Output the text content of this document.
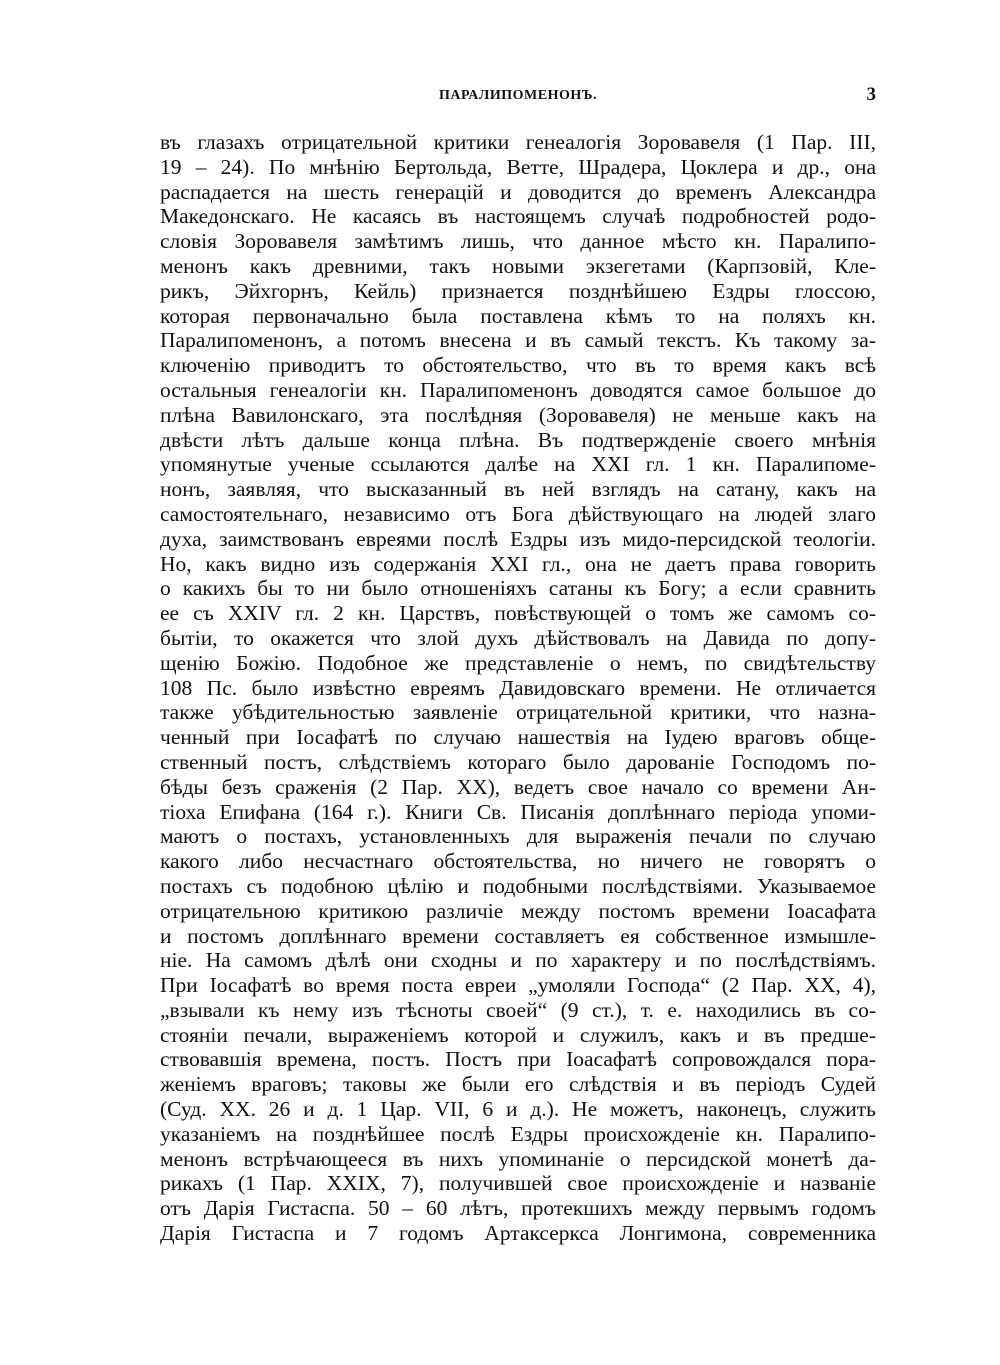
ПАРАЛИПОМЕНОНЪ.	3
въ глазахъ отрицательной критики генеалогія Зоровавеля (1 Пар. III,
19 – 24). По мнѣнію Бертольда, Ветте, Шрадера, Цоклера и др., она
распадается на шесть генерацій и доводится до временъ Александра
Македонскаго. Не касаясь въ настоящемъ случаѣ подробностей родо-
словія Зоровавеля замѣтимъ лишь, что данное мѣсто кн. Паралипо-
менонъ какъ древними, такъ новыми экзегетами (Карпзовій, Кле-
рикъ, Эйхгорнъ, Кейль) признается позднѣйшею Ездры глоссою,
которая первоначально была поставлена кѣмъ то на поляхъ кн.
Паралипоменонъ, а потомъ внесена и въ самый текстъ. Къ такому за-
ключенію приводитъ то обстоятельство, что въ то время какъ всѣ
остальныя генеалогіи кн. Паралипоменонъ доводятся самое большое до
плѣна Вавилонскаго, эта послѣдняя (Зоровавеля) не меньше какъ на
двѣсти лѣтъ дальше конца плѣна. Въ подтвержденіе своего мнѣнія
упомянутые ученые ссылаются далѣе на XXI гл. 1 кн. Паралипоме-
нонъ, заявляя, что высказанный въ ней взглядъ на сатану, какъ на
самостоятельнаго, независимо отъ Бога дѣйствующаго на людей злаго
духа, заимствованъ евреями послѣ Ездры изъ мидо-персидской теологіи.
Но, какъ видно изъ содержанія XXI гл., она не даетъ права говорить
о какихъ бы то ни было отношеніяхъ сатаны къ Богу; а если сравнить
ее съ XXIV гл. 2 кн. Царствъ, повѣствующей о томъ же самомъ со-
бытіи, то окажется что злой духъ дѣйствовалъ на Давида по допу-
щенію Божію. Подобное же представленіе о немъ, по свидѣтельству
108 Пс. было извѣстно евреямъ Давидовскаго времени. Не отличается
также убѣдительностью заявленіе отрицательной критики, что назна-
ченный при Іосафатѣ по случаю нашествія на Іудею враговъ обще-
ственный постъ, слѣдствіемъ котораго было дарованіе Господомъ по-
бѣды безъ сраженія (2 Пар. XX), ведетъ свое начало со времени Ан-
тіоха Епифана (164 г.). Книги Св. Писанія доплѣннаго періода упоми-
маютъ о постахъ, установленныхъ для выраженія печали по случаю
какого либо несчастнаго обстоятельства, но ничего не говорятъ о
постахъ съ подобною цѣлію и подобными послѣдствіями. Указываемое
отрицательною критикою различіе между постомъ времени Іоасафата
и постомъ доплѣннаго времени составляетъ ея собственное измышле-
ніе. На самомъ дѣлѣ они сходны и по характеру и по послѣдствіямъ.
При Іосафатѣ во время поста евреи „умоляли Господа“ (2 Пар. XX, 4),
„взывали къ нему изъ тѣсноты своей“ (9 ст.), т. е. находились въ со-
стояніи печали, выраженіемъ которой и служилъ, какъ и въ предше-
ствовавшія времена, постъ. Постъ при Іоасафатѣ сопровождался пора-
женіемъ враговъ; таковы же были его слѣдствія и въ періодъ Судей
(Суд. XX. 26 и д. 1 Цар. VII, 6 и д.). Не можетъ, наконецъ, служить
указаніемъ на позднѣйшее послѣ Ездры происхожденіе кн. Паралипо-
менонъ встрѣчающееся въ нихъ упоминаніе о персидской монетѣ да-
рикахъ (1 Пар. XXIX, 7), получившей свое происхожденіе и названіе
отъ Дарія Гистаспа. 50 – 60 лѣтъ, протекшихъ между первымъ годомъ
Дарія Гистаспа и 7 годомъ Артаксеркса Лонгимона, современника
